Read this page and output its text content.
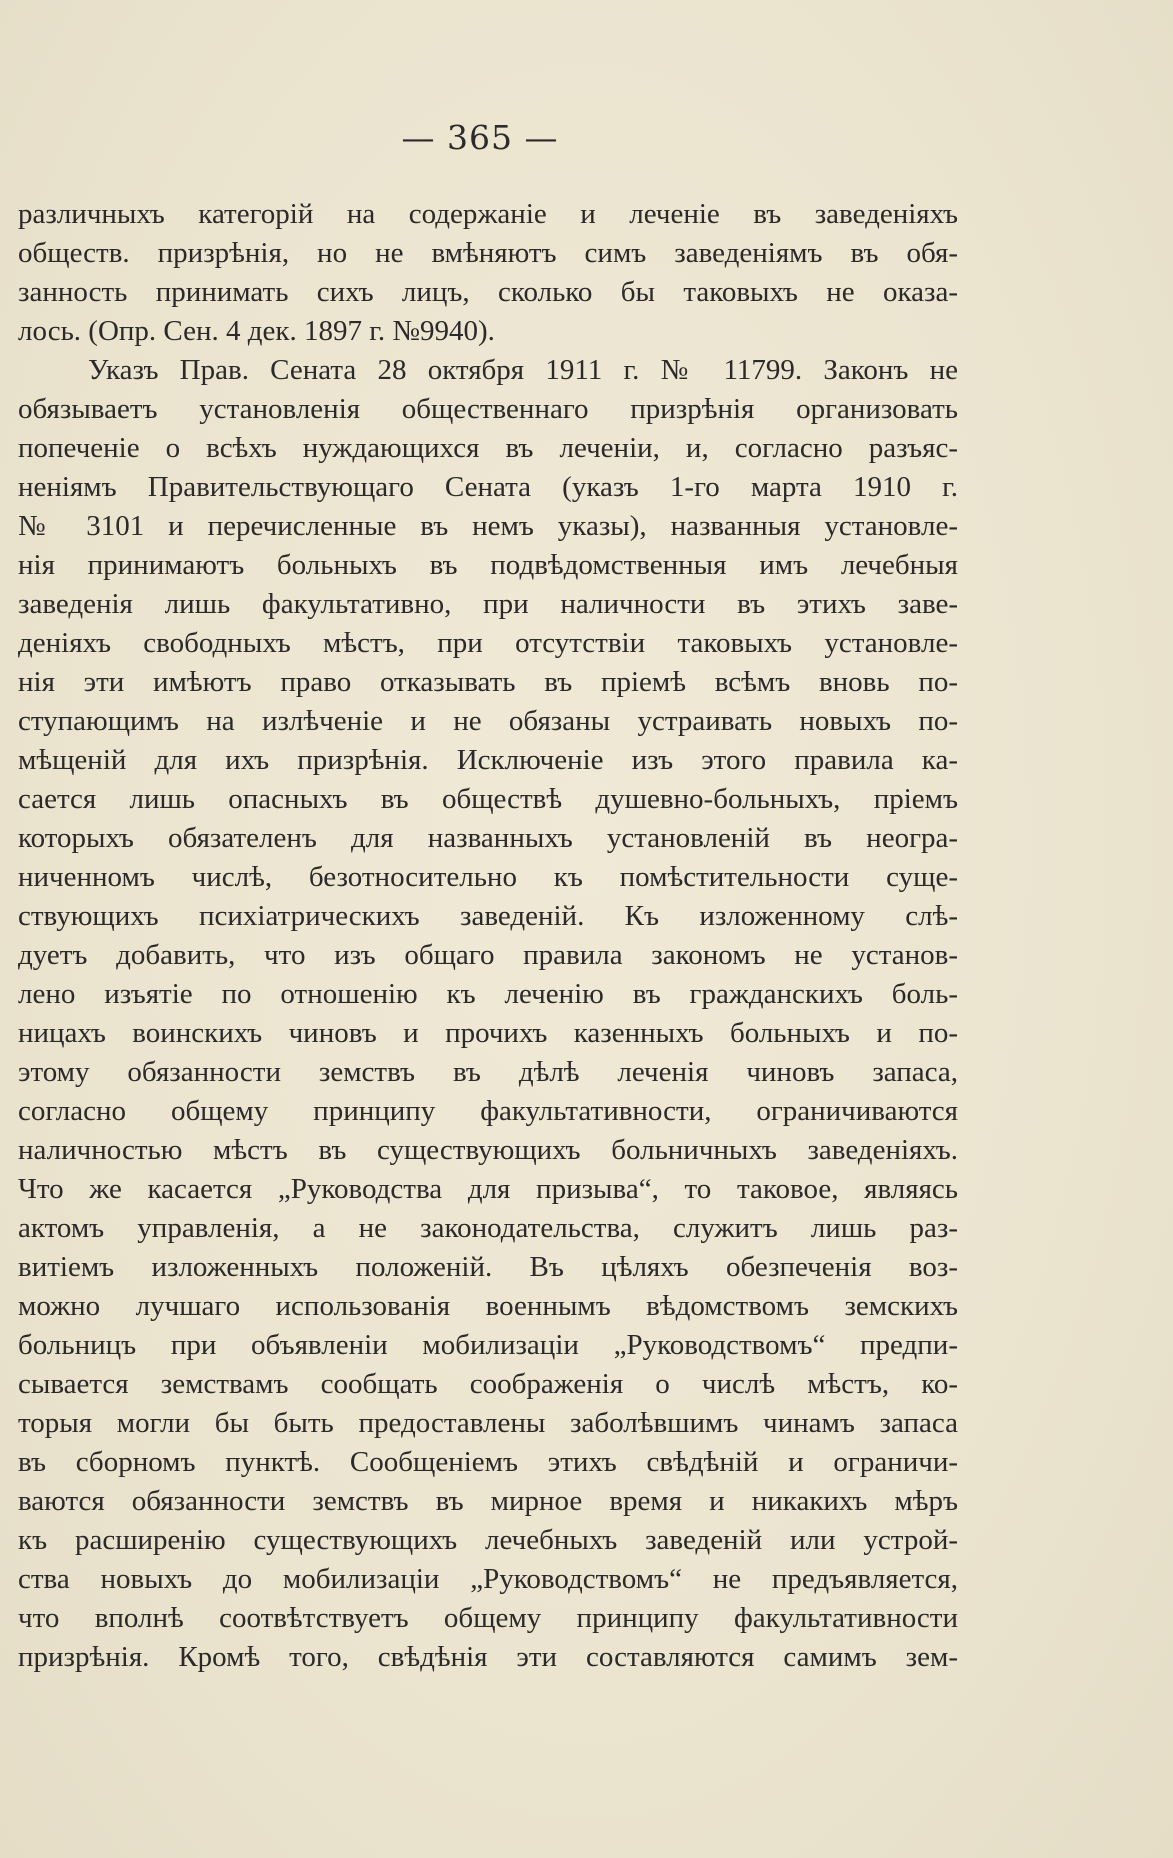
— 365 —
различныхъ категорій на содержаніе и леченіе въ заведеніяхъ
обществ. призрѣнія, но не вмѣняютъ симъ заведеніямъ въ обя-
занность принимать сихъ лицъ, сколько бы таковыхъ не оказа-
лось. (Опр. Сен. 4 дек. 1897 г. №9940).
Указъ Прав. Сената 28 октября 1911 г. № 11799. Законъ не
обязываетъ установленія общественнаго призрѣнія организовать
попеченіе о всѣхъ нуждающихся въ леченіи, и, согласно разъяс-
неніямъ Правительствующаго Сената (указъ 1-го марта 1910 г.
№ 3101 и перечисленные въ немъ указы), названныя установле-
нія принимаютъ больныхъ въ подвѣдомственныя имъ лечебныя
заведенія лишь факультативно, при наличности въ этихъ заве-
деніяхъ свободныхъ мѣстъ, при отсутствіи таковыхъ установле-
нія эти имѣютъ право отказывать въ пріемѣ всѣмъ вновь по-
ступающимъ на излѣченіе и не обязаны устраивать новыхъ по-
мѣщеній для ихъ призрѣнія. Исключеніе изъ этого правила ка-
сается лишь опасныхъ въ обществѣ душевно-больныхъ, пріемъ
которыхъ обязателенъ для названныхъ установленій въ неогра-
ниченномъ числѣ, безотносительно къ помѣстительности суще-
ствующихъ психіатрическихъ заведеній. Къ изложенному слѣ-
дуетъ добавить, что изъ общаго правила закономъ не установ-
лено изъятіе по отношенію къ леченію въ гражданскихъ боль-
ницахъ воинскихъ чиновъ и прочихъ казенныхъ больныхъ и по-
этому обязанности земствъ въ дѣлѣ леченія чиновъ запаса,
согласно общему принципу факультативности, ограничиваются
наличностью мѣстъ въ существующихъ больничныхъ заведеніяхъ.
Что же касается „Руководства для призыва“, то таковое, являясь
актомъ управленія, а не законодательства, служитъ лишь раз-
витіемъ изложенныхъ положеній. Въ цѣляхъ обезпеченія воз-
можно лучшаго использованія военнымъ вѣдомствомъ земскихъ
больницъ при объявленіи мобилизаціи „Руководствомъ“ предпи-
сывается земствамъ сообщать соображенія о числѣ мѣстъ, ко-
торыя могли бы быть предоставлены заболѣвшимъ чинамъ запаса
въ сборномъ пунктѣ. Сообщеніемъ этихъ свѣдѣній и ограничи-
ваются обязанности земствъ въ мирное время и никакихъ мѣръ
къ расширенію существующихъ лечебныхъ заведеній или устрой-
ства новыхъ до мобилизаціи „Руководствомъ“ не предъявляется,
что вполнѣ соотвѣтствуетъ общему принципу факультативности
призрѣнія. Кромѣ того, свѣдѣнія эти составляются самимъ зем-
